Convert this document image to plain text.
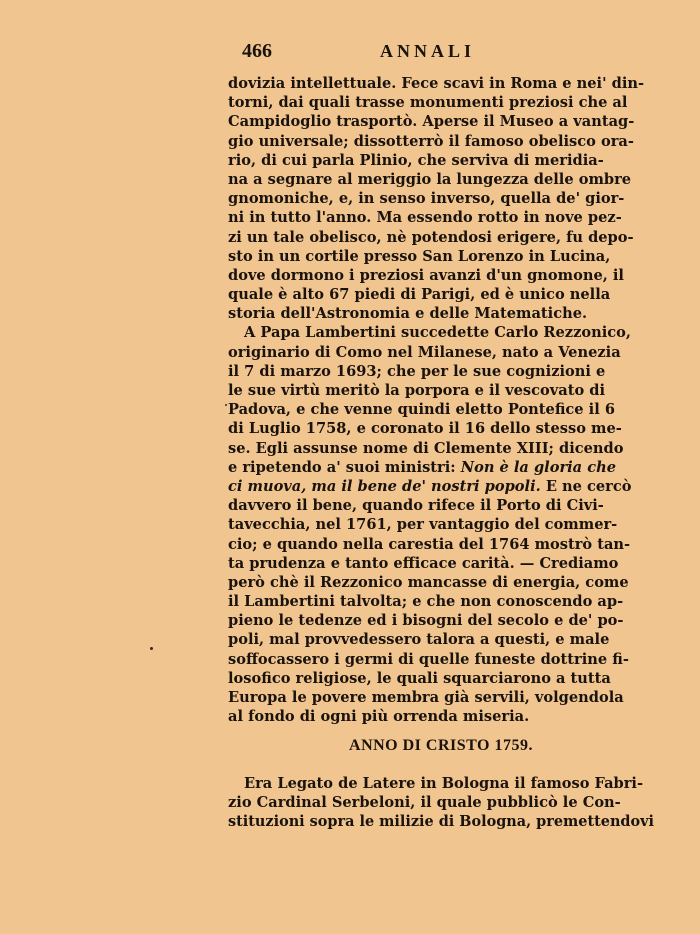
466	ANNALI
dovizia intellettuale. Fece scavi in Roma e nei' din-
torni, dai quali trasse monumenti preziosi che al
Campidoglio trasportò. Aperse il Museo a vantag-
gio universale; dissotterrò il famoso obelisco ora-
rio, di cui parla Plinio, che serviva di meridia-
na a segnare al meriggio la lungezza delle ombre
gnomoniche, e, in senso inverso, quella de' gior-
ni in tutto l'anno. Ma essendo rotto in nove pez-
zi un tale obelisco, nè potendosi erigere, fu depo-
sto in un cortile presso San Lorenzo in Lucina,
dove dormono i preziosi avanzi d'un gnomone, il
quale è alto 67 piedi di Parigi, ed è unico nella
storia dell'Astronomia e delle Matematiche.
A Papa Lambertini succedette Carlo Rezzonico,
originario di Como nel Milanese, nato a Venezia
il 7 di marzo 1693; che per le sue cognizioni e
le sue virtù meritò la porpora e il vescovato di
Padova, e che venne quindi eletto Pontefice il 6
di Luglio 1758, e coronato il 16 dello stesso me-
se. Egli assunse nome di Clemente XIII; dicendo
e ripetendo a' suoi ministri: Non è la gloria che
ci muova, ma il bene de' nostri popoli. E ne cercò
davvero il bene, quando rifece il Porto di Civi-
tavecchia, nel 1761, per vantaggio del commer-
cio; e quando nella carestia del 1764 mostrò tan-
ta prudenza e tanto efficace carità. — Crediamo
però chè il Rezzonico mancasse di energia, come
il Lambertini talvolta; e che non conoscendo ap-
pieno le tedenze ed i bisogni del secolo e de' po-
poli, mal provvedessero talora a questi, e male
soffocassero i germi di quelle funeste dottrine fi-
losofico religiose, le quali squarciarono a tutta
Europa le povere membra già servili, volgendola
al fondo di ogni più orrenda miseria.
ANNO DI CRISTO 1759.
Era Legato de Latere in Bologna il famoso Fabri-
zio Cardinal Serbeloni, il quale pubblicò le Con-
stituzioni sopra le milizie di Bologna, premettendovi
